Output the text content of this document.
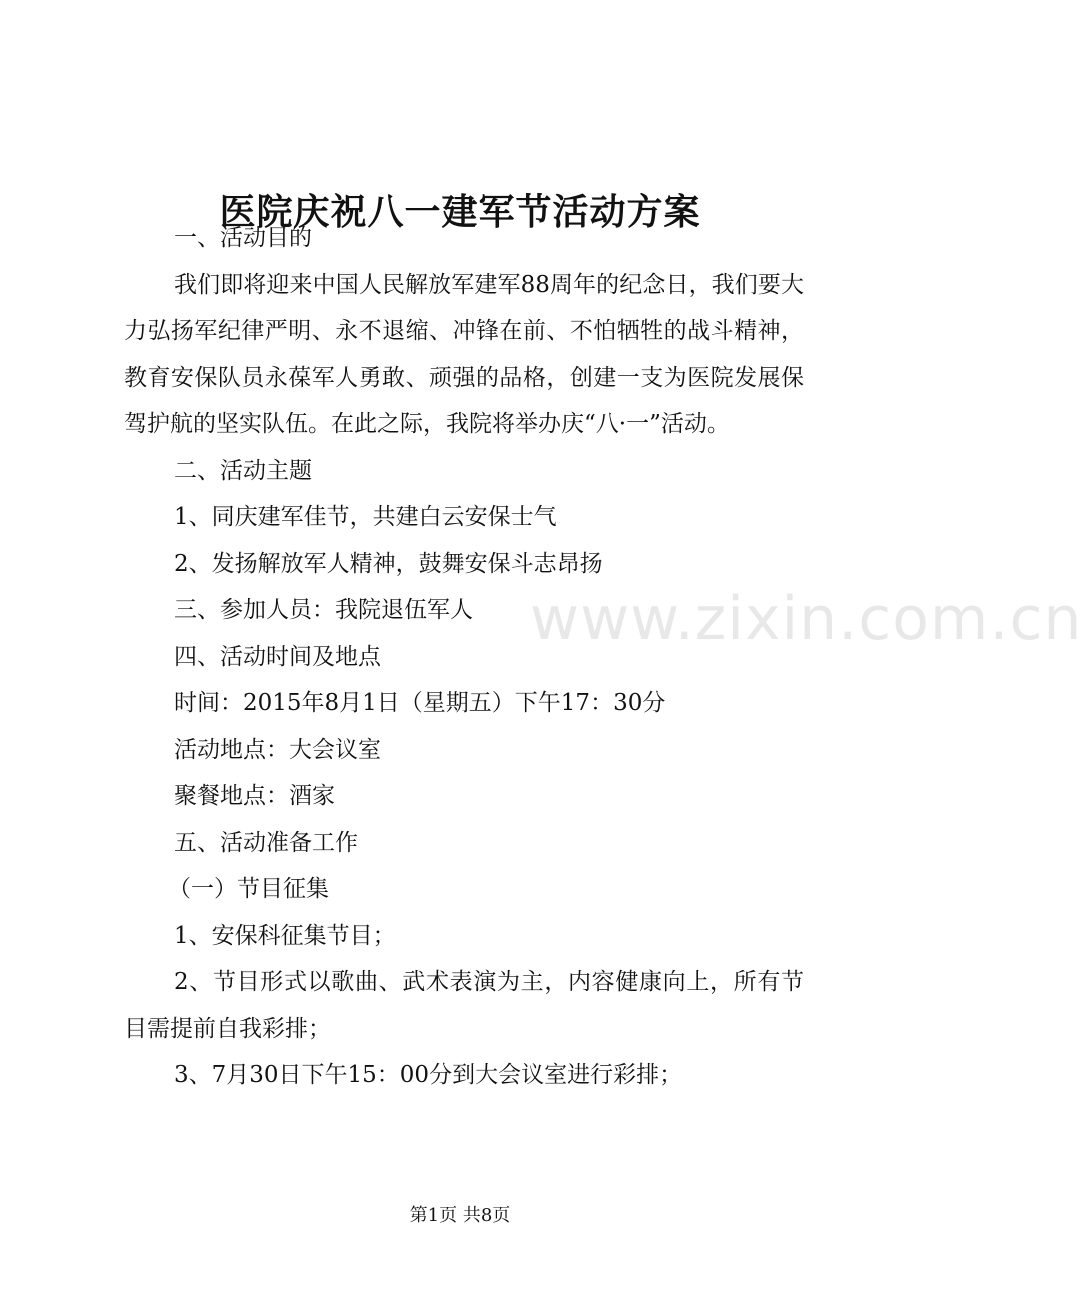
www.zixin.com.cn
医院庆祝八一建军节活动方案

一、活动目的

我们即将迎来中国人民解放军建军88周年的纪念日，我们要大力弘扬军纪律严明、永不退缩、冲锋在前、不怕牺牲的战斗精神，教育安保队员永葆军人勇敢、顽强的品格，创建一支为医院发展保驾护航的坚实队伍。在此之际，我院将举办庆“八·一”活动。

二、活动主题

1、同庆建军佳节，共建白云安保士气

2、发扬解放军人精神，鼓舞安保斗志昂扬

三、参加人员：我院退伍军人

四、活动时间及地点

时间：2015年8月1日（星期五）下午17：30分

活动地点：大会议室

聚餐地点：酒家

五、活动准备工作

（一）节目征集

1、安保科征集节目；

2、节目形式以歌曲、武术表演为主，内容健康向上，所有节目需提前自我彩排；

3、7月30日下午15：00分到大会议室进行彩排；

第1页 共8页
